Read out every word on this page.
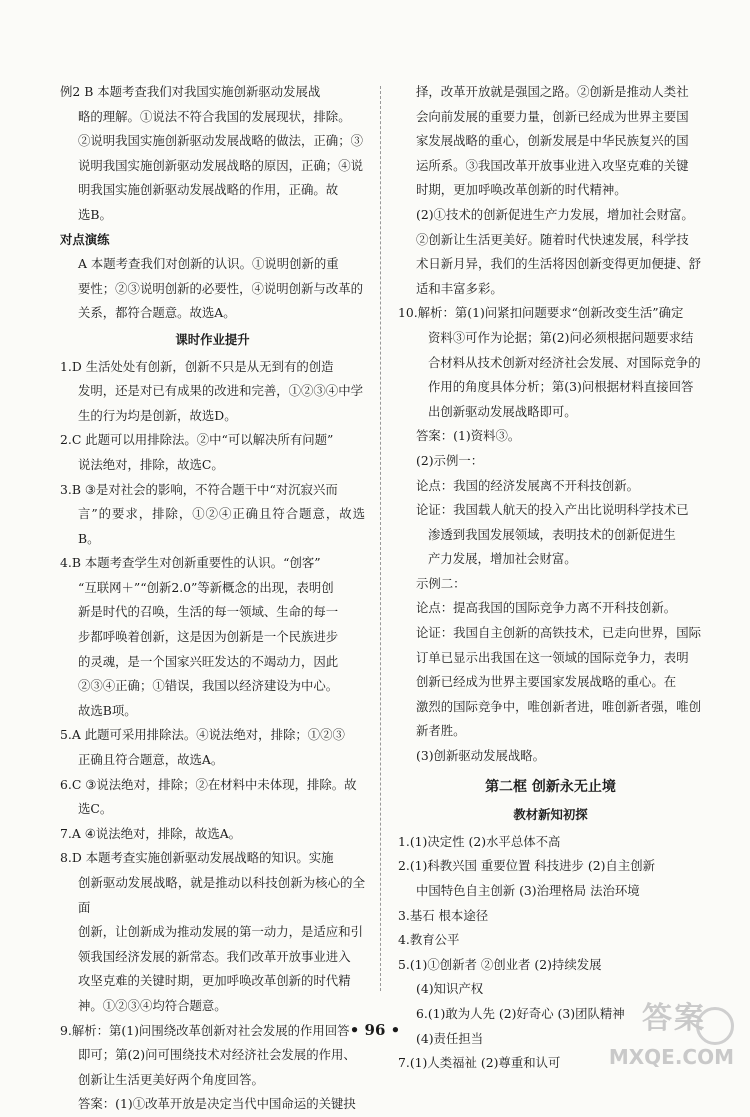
例2 B 本题考查我们对我国实施创新驱动发展战

略的理解。①说法不符合我国的发展现状，排除。

②说明我国实施创新驱动发展战略的做法，正确；③

说明我国实施创新驱动发展战略的原因，正确；④说

明我国实施创新驱动发展战略的作用，正确。故

选B。

对点演练

A 本题考查我们对创新的认识。①说明创新的重

要性；②③说明创新的必要性，④说明创新与改革的

关系，都符合题意。故选A。

课时作业提升

1.D 生活处处有创新，创新不只是从无到有的创造

发明，还是对已有成果的改进和完善，①②③④中学

生的行为均是创新，故选D。

2.C 此题可以用排除法。②中“可以解决所有问题”

说法绝对，排除，故选C。

3.B ③是对社会的影响，不符合题干中“对沉寂兴而

言”的要求，排除，①②④正确且符合题意，故选B。

4.B 本题考查学生对创新重要性的认识。“创客”

“互联网＋”“创新2.0”等新概念的出现，表明创

新是时代的召唤，生活的每一领域、生命的每一

步都呼唤着创新，这是因为创新是一个民族进步

的灵魂，是一个国家兴旺发达的不竭动力，因此

②③④正确；①错误，我国以经济建设为中心。

故选B项。

5.A 此题可采用排除法。④说法绝对，排除；①②③

正确且符合题意，故选A。

6.C ③说法绝对，排除；②在材料中未体现，排除。故

选C。

7.A ④说法绝对，排除，故选A。

8.D 本题考查实施创新驱动发展战略的知识。实施

创新驱动发展战略，就是推动以科技创新为核心的全面

创新，让创新成为推动发展的第一动力，是适应和引

领我国经济发展的新常态。我们改革开放事业进入

攻坚克难的关键时期，更加呼唤改革创新的时代精

神。①②③④均符合题意。

9.解析：第(1)问围绕改革创新对社会发展的作用回答

即可；第(2)问可围绕技术对经济社会发展的作用、

创新让生活更美好两个角度回答。

答案：(1)①改革开放是决定当代中国命运的关键抉

择，改革开放就是强国之路。②创新是推动人类社

会向前发展的重要力量，创新已经成为世界主要国

家发展战略的重心，创新发展是中华民族复兴的国

运所系。③我国改革开放事业进入攻坚克难的关键

时期，更加呼唤改革创新的时代精神。

(2)①技术的创新促进生产力发展，增加社会财富。

②创新让生活更美好。随着时代快速发展，科学技

术日新月异，我们的生活将因创新变得更加便捷、舒

适和丰富多彩。

10.解析：第(1)问紧扣问题要求“创新改变生活”确定

资料③可作为论据；第(2)问必须根据问题要求结

合材料从技术创新对经济社会发展、对国际竞争的

作用的角度具体分析；第(3)问根据材料直接回答

出创新驱动发展战略即可。

答案：(1)资料③。

(2)示例一：

论点：我国的经济发展离不开科技创新。

论证：我国载人航天的投入产出比说明科学技术已

渗透到我国发展领域，表明技术的创新促进生

产力发展，增加社会财富。

示例二：

论点：提高我国的国际竞争力离不开科技创新。

论证：我国自主创新的高铁技术，已走向世界，国际

订单已显示出我国在这一领域的国际竞争力，表明

创新已经成为世界主要国家发展战略的重心。在

激烈的国际竞争中，唯创新者进，唯创新者强，唯创

新者胜。

(3)创新驱动发展战略。

第二框 创新永无止境

教材新知初探

1.(1)决定性 (2)水平总体不高

2.(1)科教兴国 重要位置 科技进步 (2)自主创新

中国特色自主创新 (3)治理格局 法治环境

3.基石 根本途径

4.教育公平

5.(1)①创新者 ②创业者 (2)持续发展

(4)知识产权

6.(1)敢为人先 (2)好奇心 (3)团队精神

(4)责任担当

7.(1)人类福祉 (2)尊重和认可

• 96 •	答案
MXQE.COM
